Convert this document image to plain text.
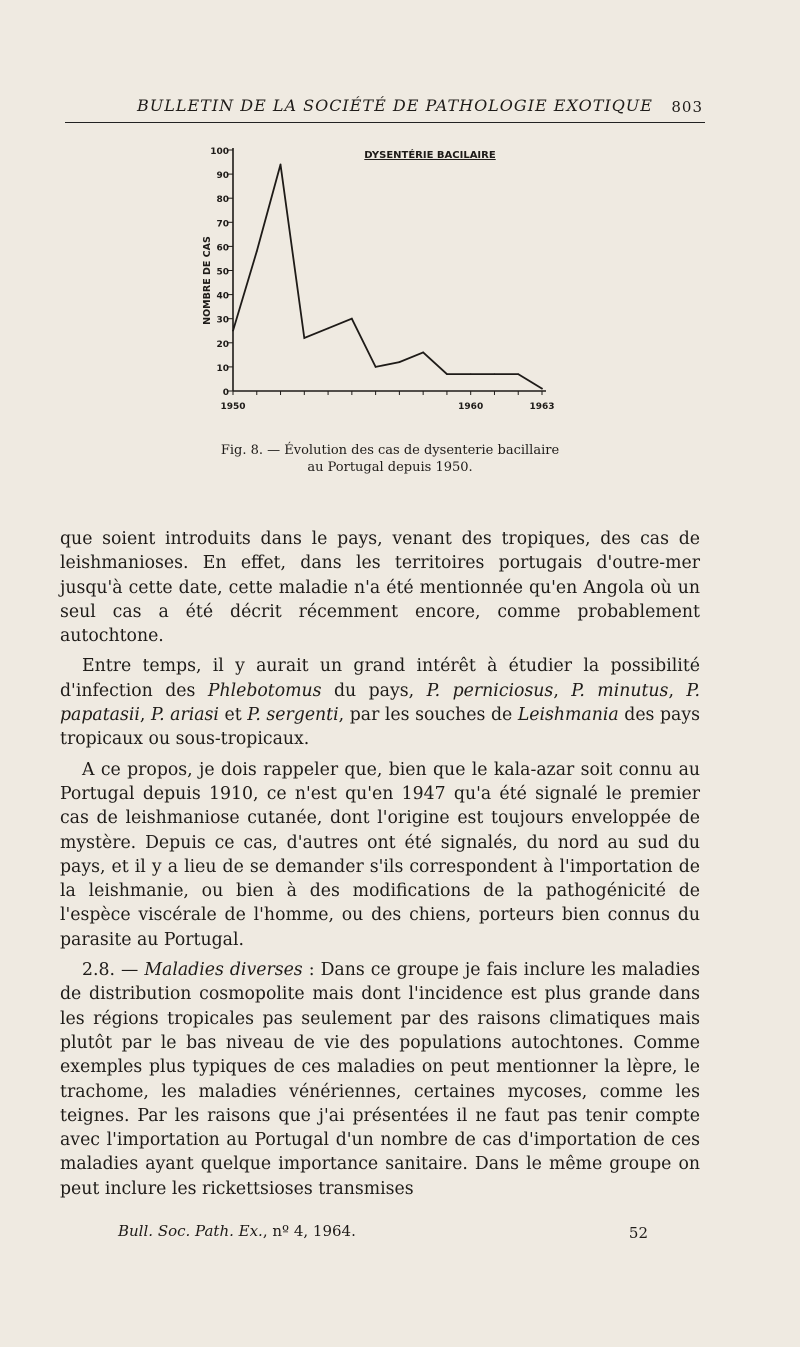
BULLETIN DE LA SOCIÉTÉ DE PATHOLOGIE EXOTIQUE 803
0
10
20
30
40
50
60
70
80
90
100
1950	1960	1963
NOMBRE DE CAS
DYSENTÉRIE BACILAIRE
Fig. 8. — Évolution des cas de dysenterie bacillaire
au Portugal depuis 1950.

que soient introduits dans le pays, venant des tropiques, des cas de leishmanioses. En effet, dans les territoires portugais d'outre-mer jusqu'à cette date, cette maladie n'a été mentionnée qu'en Angola où un seul cas a été décrit récemment encore, comme probablement autochtone.

Entre temps, il y aurait un grand intérêt à étudier la possibilité d'infection des Phlebotomus du pays, P. perniciosus, P. minutus, P. papatasii, P. ariasi et P. sergenti, par les souches de Leishmania des pays tropicaux ou sous-tropicaux.

A ce propos, je dois rappeler que, bien que le kala-azar soit connu au Portugal depuis 1910, ce n'est qu'en 1947 qu'a été signalé le premier cas de leishmaniose cutanée, dont l'origine est toujours enveloppée de mystère. Depuis ce cas, d'autres ont été signalés, du nord au sud du pays, et il y a lieu de se demander s'ils correspondent à l'importation de la leishmanie, ou bien à des modifications de la pathogénicité de l'espèce viscérale de l'homme, ou des chiens, porteurs bien connus du parasite au Portugal.

2.8. — Maladies diverses : Dans ce groupe je fais inclure les maladies de distribution cosmopolite mais dont l'incidence est plus grande dans les régions tropicales pas seulement par des raisons climatiques mais plutôt par le bas niveau de vie des populations autochtones. Comme exemples plus typiques de ces maladies on peut mentionner la lèpre, le trachome, les maladies vénériennes, certaines mycoses, comme les teignes. Par les raisons que j'ai présentées il ne faut pas tenir compte avec l'importation au Portugal d'un nombre de cas d'importation de ces maladies ayant quelque importance sanitaire. Dans le même groupe on peut inclure les rickettsioses transmises

Bull. Soc. Path. Ex., nº 4, 1964.	52
